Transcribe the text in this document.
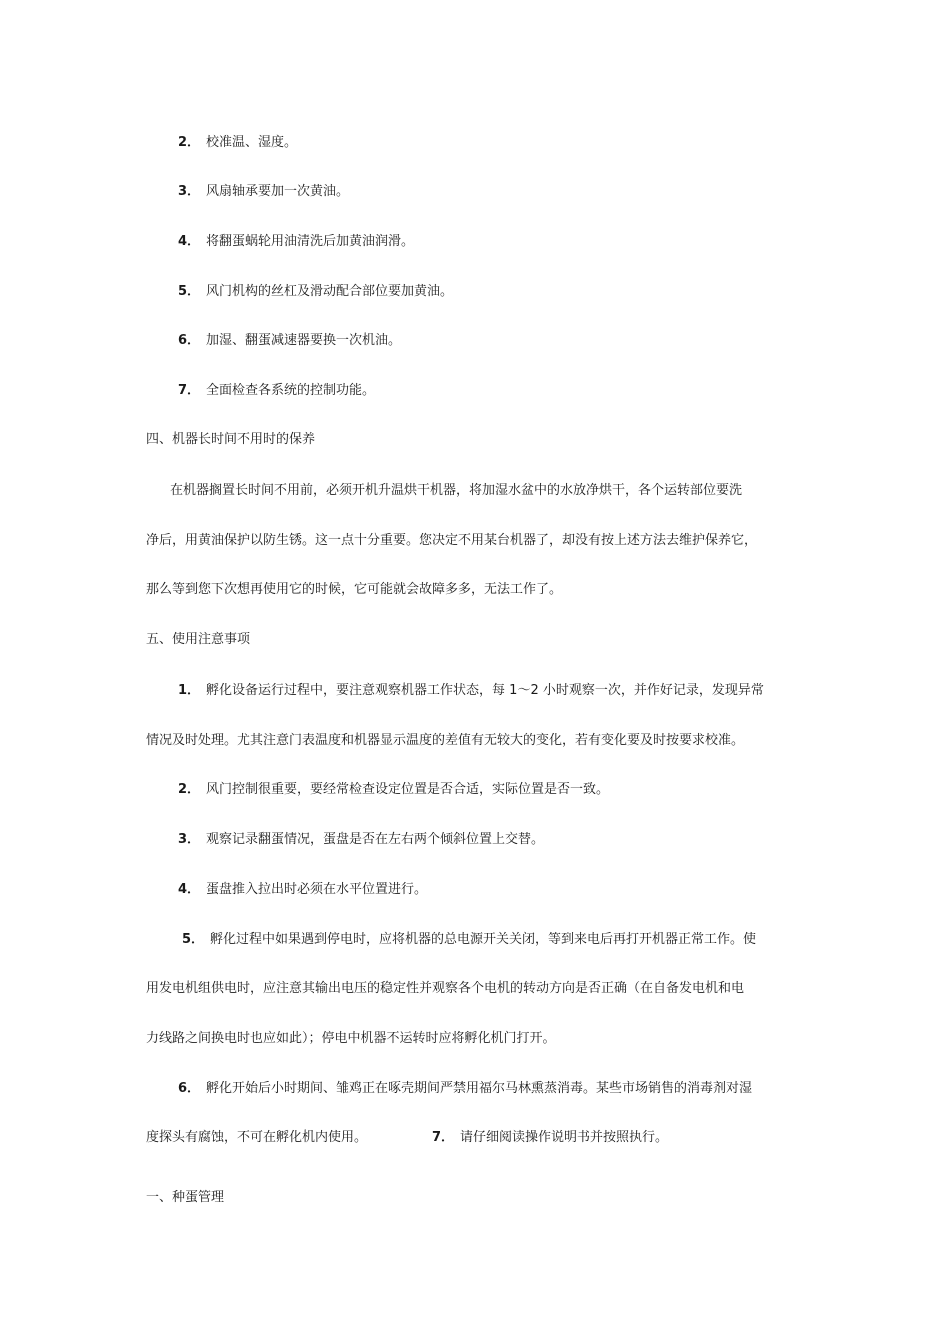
2． 校准温、湿度。
3． 风扇轴承要加一次黄油。
4． 将翻蛋蜗轮用油清洗后加黄油润滑。
5． 风门机构的丝杠及滑动配合部位要加黄油。
6． 加湿、翻蛋减速器要换一次机油。
7． 全面检查各系统的控制功能。
四、机器长时间不用时的保养
在机器搁置长时间不用前，必须开机升温烘干机器，将加湿水盆中的水放净烘干，各个运转部位要洗
净后，用黄油保护以防生锈。这一点十分重要。您决定不用某台机器了，却没有按上述方法去维护保养它，
那么等到您下次想再使用它的时候，它可能就会故障多多，无法工作了。
五、使用注意事项
1． 孵化设备运行过程中，要注意观察机器工作状态，每 1～2 小时观察一次，并作好记录，发现异常
情况及时处理。尤其注意门表温度和机器显示温度的差值有无较大的变化，若有变化要及时按要求校准。
2． 风门控制很重要，要经常检查设定位置是否合适，实际位置是否一致。
3． 观察记录翻蛋情况，蛋盘是否在左右两个倾斜位置上交替。
4． 蛋盘推入拉出时必须在水平位置进行。
5． 孵化过程中如果遇到停电时，应将机器的总电源开关关闭，等到来电后再打开机器正常工作。使
用发电机组供电时，应注意其输出电压的稳定性并观察各个电机的转动方向是否正确（在自备发电机和电
力线路之间换电时也应如此）；停电中机器不运转时应将孵化机门打开。
6． 孵化开始后小时期间、雏鸡正在啄壳期间严禁用福尔马林熏蒸消毒。某些市场销售的消毒剂对湿
度探头有腐蚀，不可在孵化机内使用。	7． 请仔细阅读操作说明书并按照执行。
一、种蛋管理
